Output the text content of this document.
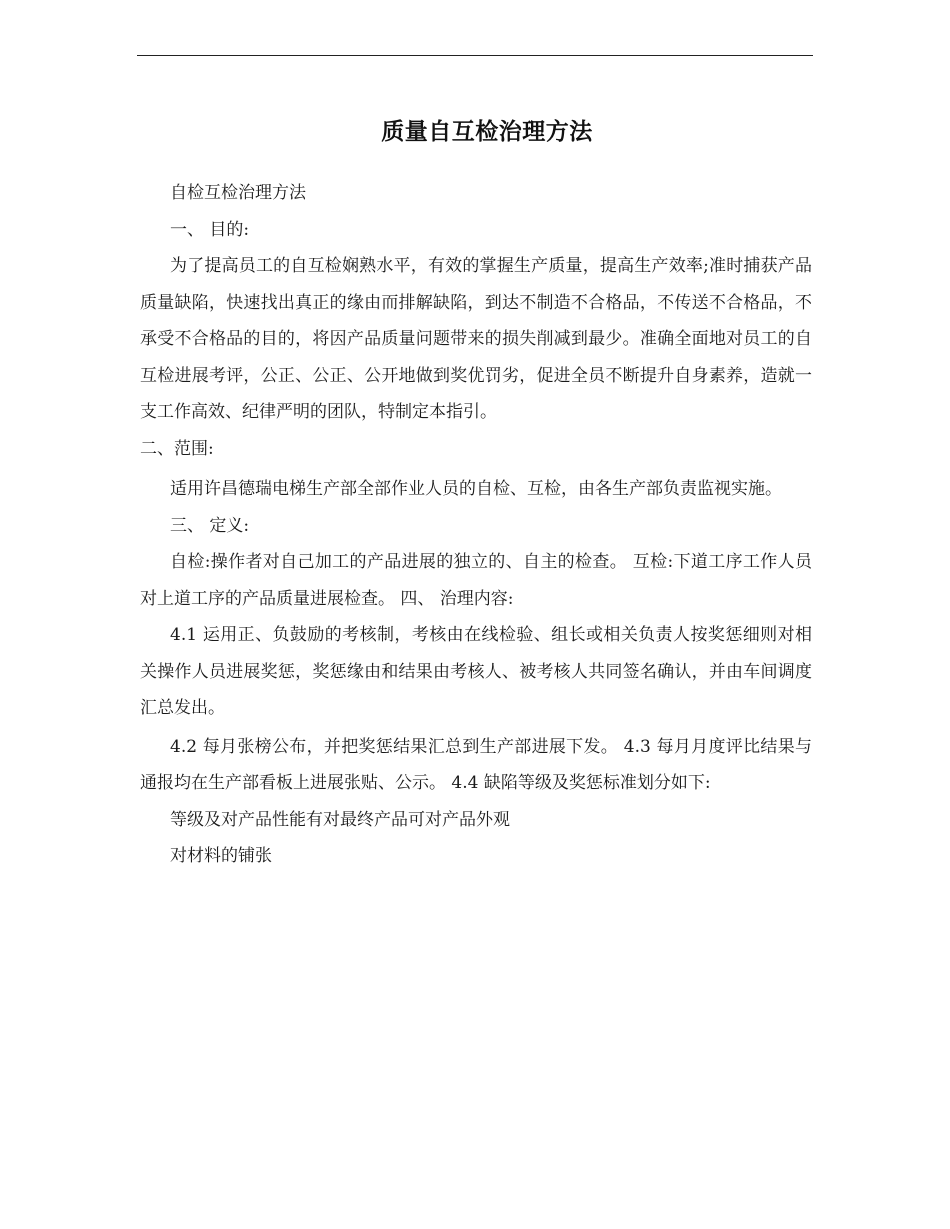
质量自互检治理方法

自检互检治理方法

一、 目的:

为了提高员工的自互检娴熟水平，有效的掌握生产质量，提高生产效率;准时捕获产品质量缺陷，快速找出真正的缘由而排解缺陷，到达不制造不合格品，不传送不合格品，不承受不合格品的目的，将因产品质量问题带来的损失削减到最少。准确全面地对员工的自互检进展考评，公正、公正、公开地做到奖优罚劣，促进全员不断提升自身素养，造就一支工作高效、纪律严明的团队，特制定本指引。

二、范围:

适用许昌德瑞电梯生产部全部作业人员的自检、互检，由各生产部负责监视实施。

三、 定义:

自检:操作者对自己加工的产品进展的独立的、自主的检查。 互检:下道工序工作人员对上道工序的产品质量进展检查。 四、 治理内容:

4.1 运用正、负鼓励的考核制，考核由在线检验、组长或相关负责人按奖惩细则对相关操作人员进展奖惩，奖惩缘由和结果由考核人、被考核人共同签名确认，并由车间调度汇总发出。

4.2 每月张榜公布，并把奖惩结果汇总到生产部进展下发。 4.3 每月月度评比结果与通报均在生产部看板上进展张贴、公示。 4.4 缺陷等级及奖惩标准划分如下:

等级及对产品性能有对最终产品可对产品外观

对材料的铺张
